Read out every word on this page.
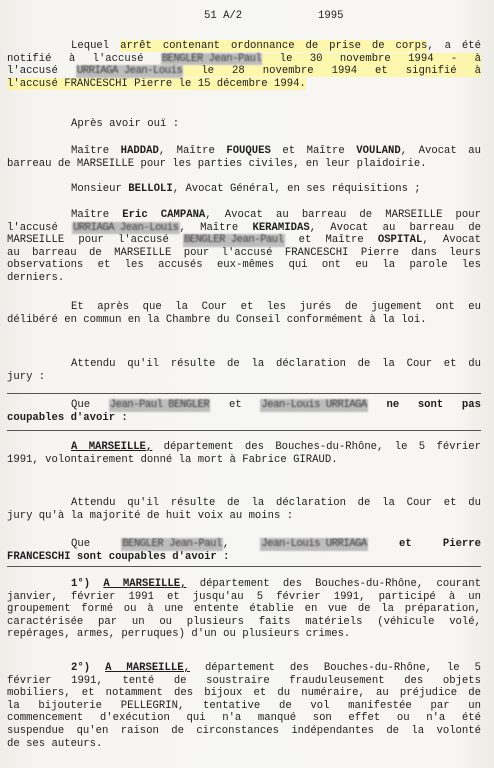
51 A/2	1995
Lequel arrêt contenant ordonnance de prise de corps, a été
notifié à l'accusé BENGLER Jean-Paul le 30 novembre 1994 - à
l'accusé URRIAGA Jean-Louis le 28 novembre 1994 et signifié à
l'accusé FRANCESCHI Pierre le 15 décembre 1994.
Après avoir ouï :
Maître HADDAD, Maître FOUQUES et Maître VOULAND, Avocat au
barreau de MARSEILLE pour les parties civiles, en leur plaidoirie.
Monsieur BELLOLI, Avocat Général, en ses réquisitions ;
Maître Eric CAMPANA, Avocat au barreau de MARSEILLE pour
l'accusé URRIAGA Jean-Louis, Maître KERAMIDAS, Avocat au barreau de
MARSEILLE pour l'accusé BENGLER Jean-Paul et Maître OSPITAL, Avocat
au barreau de MARSEILLE pour l'accusé FRANCESCHI Pierre dans leurs
observations et les accusés eux-mêmes qui ont eu la parole les
derniers.
Et après que la Cour et les jurés de jugement ont eu
délibéré en commun en la Chambre du Conseil conformément à la loi.
Attendu qu'il résulte de la déclaration de la Cour et du
jury :
Que Jean-Paul BENGLER et Jean-Louis URRIAGA ne sont pas
coupables d'avoir :
A MARSEILLE, département des Bouches-du-Rhône, le 5 février
1991, volontairement donné la mort à Fabrice GIRAUD.
Attendu qu'il résulte de la déclaration de la Cour et du
jury qu'à la majorité de huit voix au moins :
Que BENGLER Jean-Paul, Jean-Louis URRIAGA et Pierre
FRANCESCHI sont coupables d'avoir :
1°) A MARSEILLE, département des Bouches-du-Rhône, courant
janvier, février 1991 et jusqu'au 5 février 1991, participé à un
groupement formé ou à une entente établie en vue de la préparation,
caractérisée par un ou plusieurs faits matériels (véhicule volé,
repérages, armes, perruques) d'un ou plusieurs crimes.
2°) A MARSEILLE, département des Bouches-du-Rhône, le 5
février 1991, tenté de soustraire frauduleusement des objets
mobiliers, et notamment des bijoux et du numéraire, au préjudice de
la bijouterie PELLEGRIN, tentative de vol manifestée par un
commencement d'exécution qui n'a manqué son effet ou n'a été
suspendue qu'en raison de circonstances indépendantes de la volonté
de ses auteurs.
